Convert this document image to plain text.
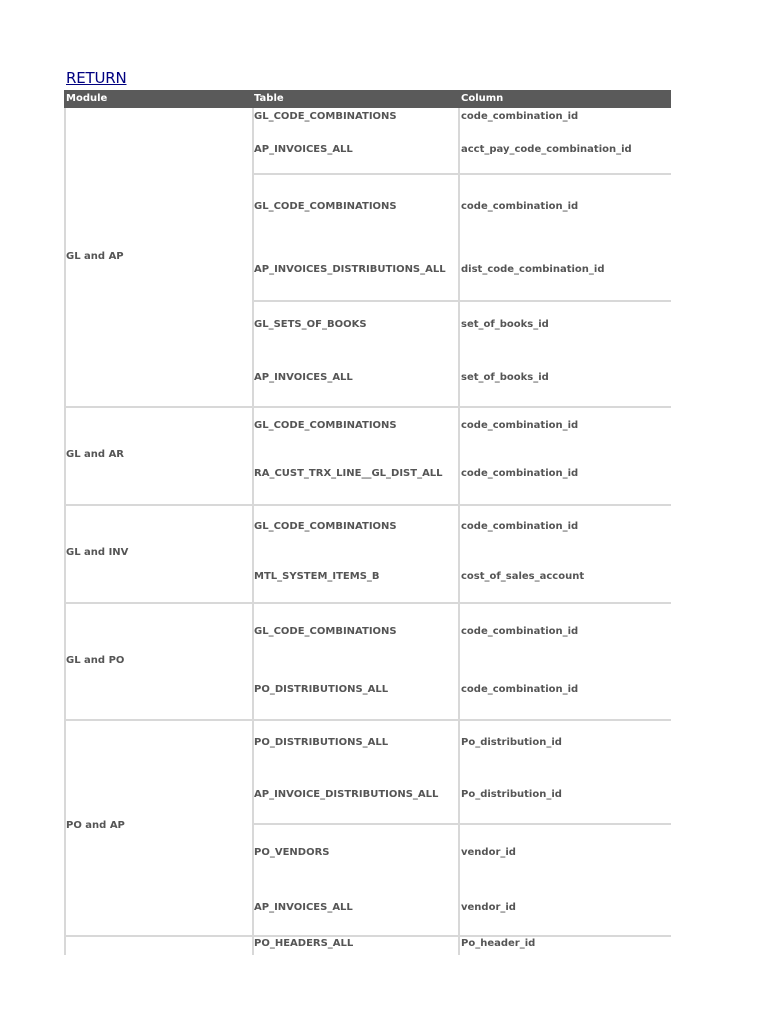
RETURN
Module	Table	Column
GL and AP
GL_CODE_COMBINATIONS	code_combination_id
AP_INVOICES_ALL	acct_pay_code_combination_id
GL_CODE_COMBINATIONS	code_combination_id
AP_INVOICES_DISTRIBUTIONS_ALL dist_code_combination_id
GL_SETS_OF_BOOKS	set_of_books_id
AP_INVOICES_ALL	set_of_books_id
GL and AR
GL_CODE_COMBINATIONS	code_combination_id
RA_CUST_TRX_LINE__GL_DIST_ALL code_combination_id
GL and INV
GL_CODE_COMBINATIONS	code_combination_id
MTL_SYSTEM_ITEMS_B	cost_of_sales_account
GL and PO
GL_CODE_COMBINATIONS	code_combination_id
PO_DISTRIBUTIONS_ALL	code_combination_id
PO and AP
PO_DISTRIBUTIONS_ALL	Po_distribution_id
AP_INVOICE_DISTRIBUTIONS_ALL Po_distribution_id
PO_VENDORS	vendor_id
AP_INVOICES_ALL	vendor_id
PO_HEADERS_ALL	Po_header_id
